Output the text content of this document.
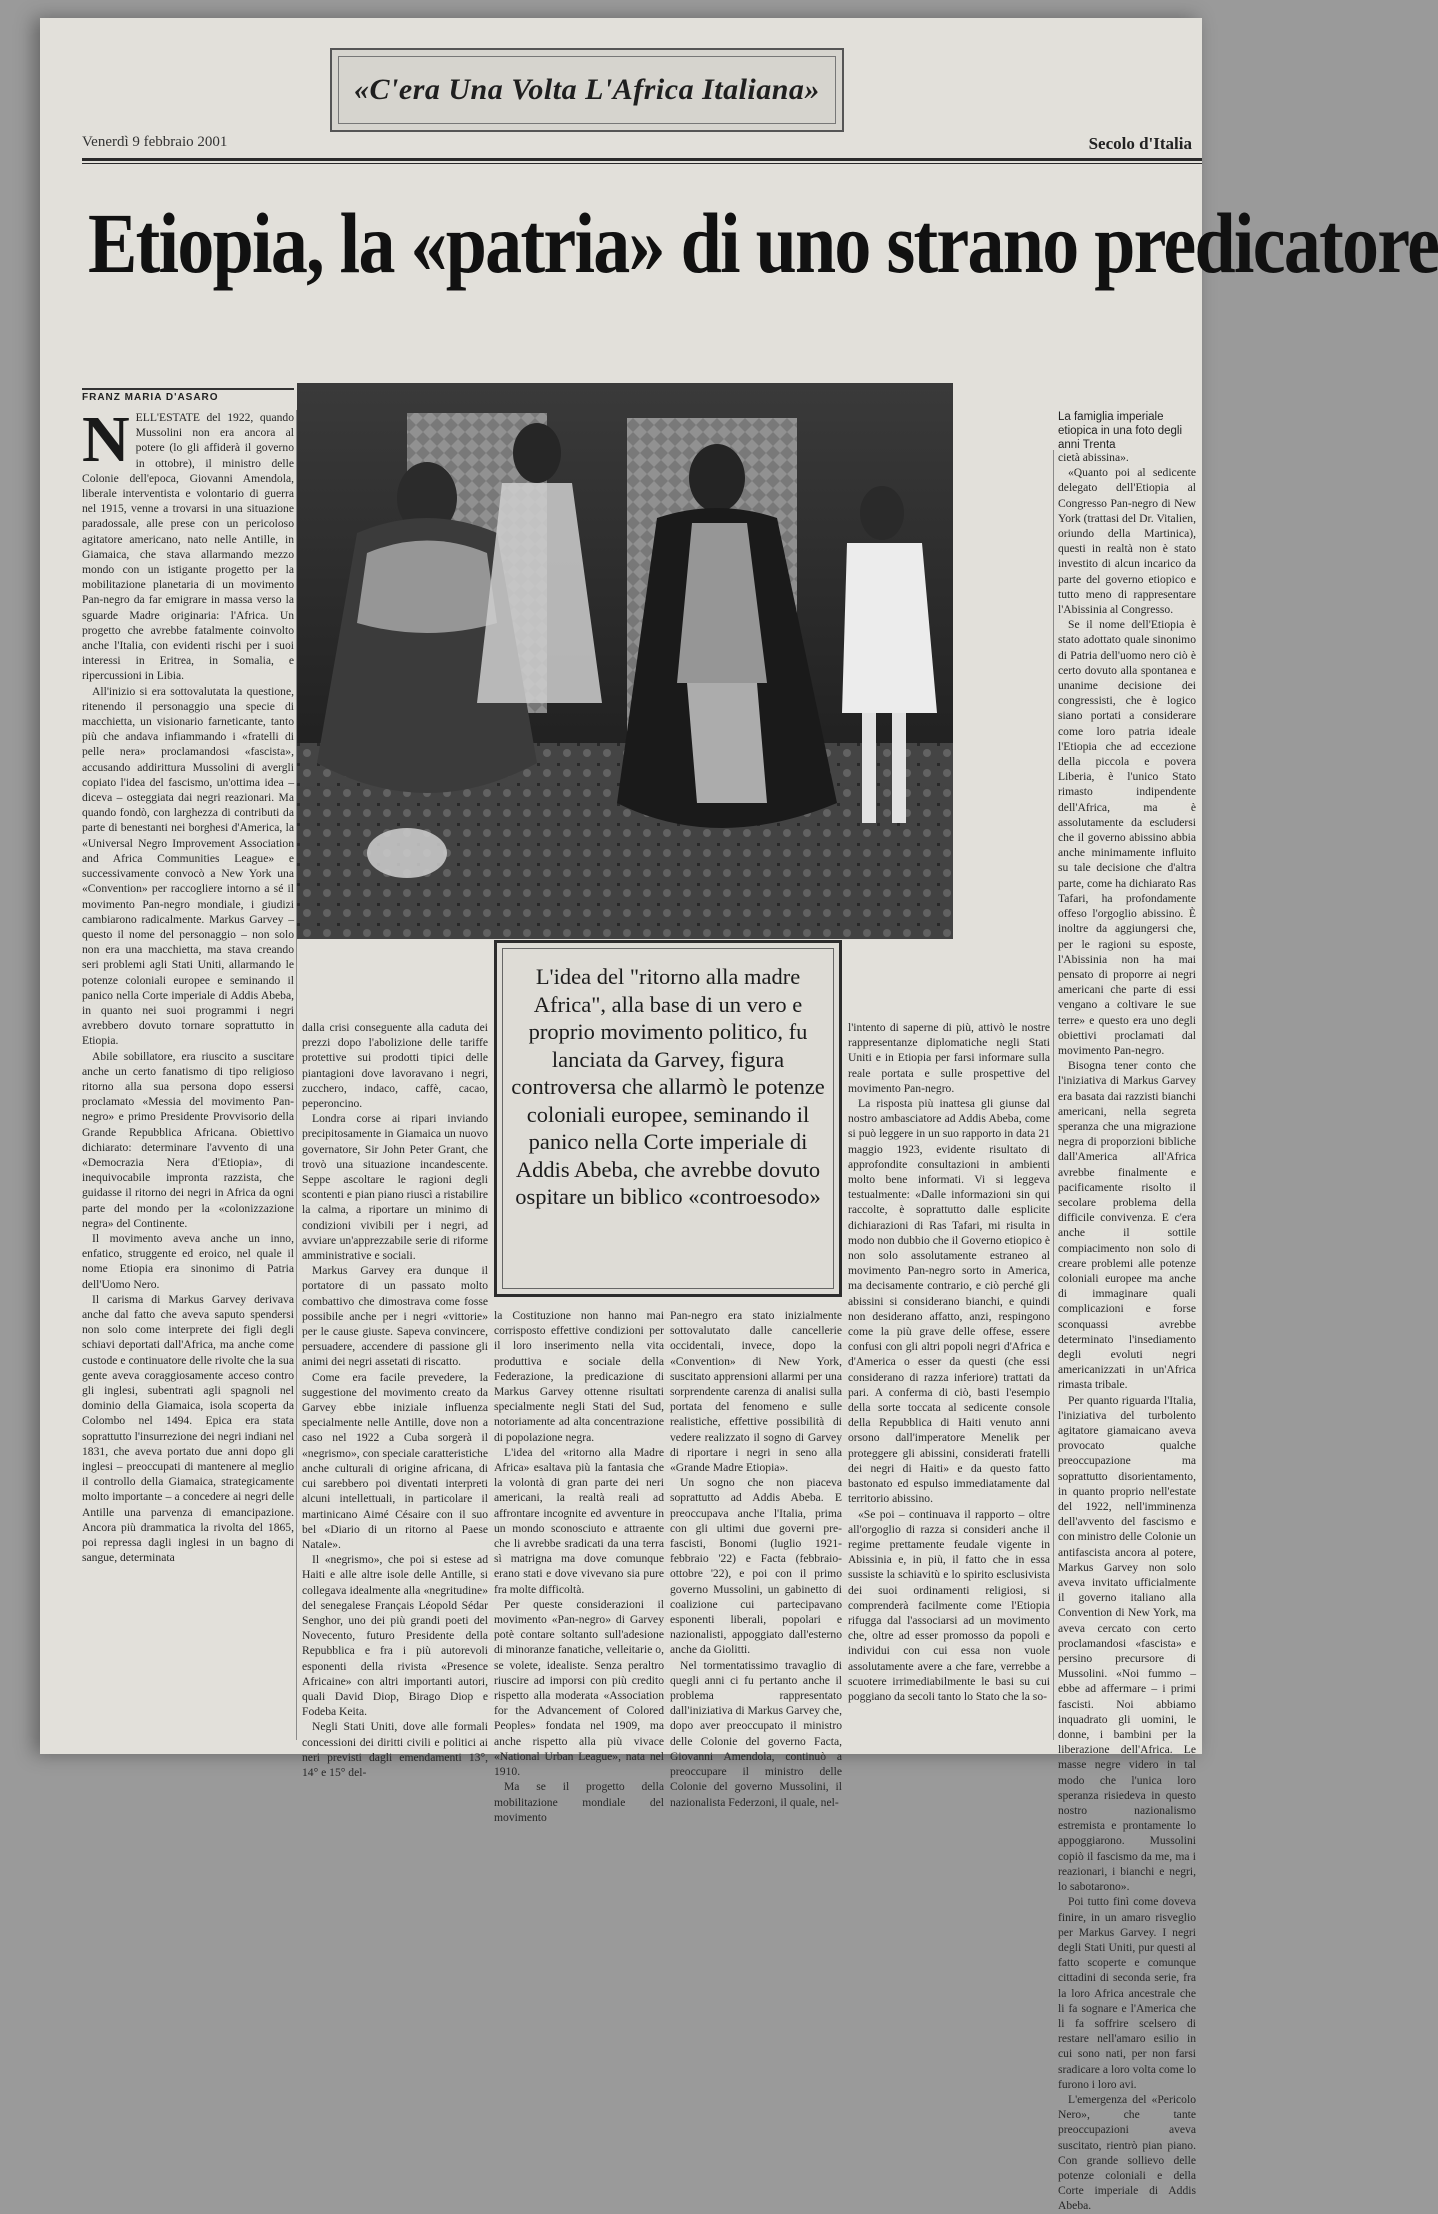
«C'era Una Volta L'Africa Italiana»
Venerdì 9 febbraio 2001	Secolo d'Italia
Etiopia, la «patria» di uno strano predicatore
FRANZ MARIA D'ASARO

NELL'ESTATE del 1922, quando Mussolini non era ancora al potere (lo gli affiderà il governo in ottobre), il ministro delle Colonie dell'epoca, Giovanni Amendola, liberale interventista e volontario di guerra nel 1915, venne a trovarsi in una situazione paradossale, alle prese con un pericoloso agitatore americano, nato nelle Antille, in Giamaica, che stava allarmando mezzo mondo con un istigante progetto per la mobilitazione planetaria di un movimento Pan-negro da far emigrare in massa verso la sguarde Madre originaria: l'Africa. Un progetto che avrebbe fatalmente coinvolto anche l'Italia, con evidenti rischi per i suoi interessi in Eritrea, in Somalia, e ripercussioni in Libia.

All'inizio si era sottovalutata la questione, ritenendo il personaggio una specie di macchietta, un visionario farneticante, tanto più che andava infiammando i «fratelli di pelle nera» proclamandosi «fascista», accusando addirittura Mussolini di avergli copiato l'idea del fascismo, un'ottima idea – diceva – osteggiata dai negri reazionari. Ma quando fondò, con larghezza di contributi da parte di benestanti nei borghesi d'America, la «Universal Negro Improvement Association and Africa Communities League» e successivamente convocò a New York una «Convention» per raccogliere intorno a sé il movimento Pan-negro mondiale, i giudizi cambiarono radicalmente. Markus Garvey – questo il nome del personaggio – non solo non era una macchietta, ma stava creando seri problemi agli Stati Uniti, allarmando le potenze coloniali europee e seminando il panico nella Corte imperiale di Addis Abeba, in quanto nei suoi programmi i negri avrebbero dovuto tornare soprattutto in Etiopia.

Abile sobillatore, era riuscito a suscitare anche un certo fanatismo di tipo religioso ritorno alla sua persona dopo essersi proclamato «Messia del movimento Pan-negro» e primo Presidente Provvisorio della Grande Repubblica Africana. Obiettivo dichiarato: determinare l'avvento di una «Democrazia Nera d'Etiopia», di inequivocabile impronta razzista, che guidasse il ritorno dei negri in Africa da ogni parte del mondo per la «colonizzazione negra» del Continente.

Il movimento aveva anche un inno, enfatico, struggente ed eroico, nel quale il nome Etiopia era sinonimo di Patria dell'Uomo Nero.

Il carisma di Markus Garvey derivava anche dal fatto che aveva saputo spendersi non solo come interprete dei figli degli schiavi deportati dall'Africa, ma anche come custode e continuatore delle rivolte che la sua gente aveva coraggiosamente acceso contro gli inglesi, subentrati agli spagnoli nel dominio della Giamaica, isola scoperta da Colombo nel 1494. Epica era stata soprattutto l'insurrezione dei negri indiani nel 1831, che aveva portato due anni dopo gli inglesi – preoccupati di mantenere al meglio il controllo della Giamaica, strategicamente molto importante – a concedere ai negri delle Antille una parvenza di emancipazione. Ancora più drammatica la rivolta del 1865, poi repressa dagli inglesi in un bagno di sangue, determinata

La famiglia imperiale etiopica in una foto degli anni Trenta

cietà abissina».

«Quanto poi al sedicente delegato dell'Etiopia al Congresso Pan-negro di New York (trattasi del Dr. Vitalien, oriundo della Martinica), questi in realtà non è stato investito di alcun incarico da parte del governo etiopico e tutto meno di rappresentare l'Abissinia al Congresso.

Se il nome dell'Etiopia è stato adottato quale sinonimo di Patria dell'uomo nero ciò è certo dovuto alla spontanea e unanime decisione dei congressisti, che è logico siano portati a considerare come loro patria ideale l'Etiopia che ad eccezione della piccola e povera Liberia, è l'unico Stato rimasto indipendente dell'Africa, ma è assolutamente da escludersi che il governo abissino abbia anche minimamente influito su tale decisione che d'altra parte, come ha dichiarato Ras Tafari, ha profondamente offeso l'orgoglio abissino. È inoltre da aggiungersi che, per le ragioni su esposte, l'Abissinia non ha mai pensato di proporre ai negri americani che parte di essi vengano a coltivare le sue terre» e questo era uno degli obiettivi proclamati dal movimento Pan-negro.

Bisogna tener conto che l'iniziativa di Markus Garvey era basata dai razzisti bianchi americani, nella segreta speranza che una migrazione negra di proporzioni bibliche dall'America all'Africa avrebbe finalmente e pacificamente risolto il secolare problema della difficile convivenza. E c'era anche il sottile compiacimento non solo di creare problemi alle potenze coloniali europee ma anche di immaginare quali complicazioni e forse sconquassi avrebbe determinato l'insediamento degli evoluti negri americanizzati in un'Africa rimasta tribale.

Per quanto riguarda l'Italia, l'iniziativa del turbolento agitatore giamaicano aveva provocato qualche preoccupazione ma soprattutto disorientamento, in quanto proprio nell'estate del 1922, nell'imminenza dell'avvento del fascismo e con ministro delle Colonie un antifascista ancora al potere, Markus Garvey non solo aveva invitato ufficialmente il governo italiano alla Convention di New York, ma aveva cercato con certo proclamandosi «fascista» e persino precursore di Mussolini. «Noi fummo – ebbe ad affermare – i primi fascisti. Noi abbiamo inquadrato gli uomini, le donne, i bambini per la liberazione dell'Africa. Le masse negre videro in tal modo che l'unica loro speranza risiedeva in questo nostro nazionalismo estremista e prontamente lo appoggiarono. Mussolini copiò il fascismo da me, ma i reazionari, i bianchi e negri, lo sabotarono».

Poi tutto finì come doveva finire, in un amaro risveglio per Markus Garvey. I negri degli Stati Uniti, pur questi al fatto scoperte e comunque cittadini di seconda serie, fra la loro Africa ancestrale che li fa sognare e l'America che li fa soffrire scelsero di restare nell'amaro esilio in cui sono nati, per non farsi sradicare a loro volta come lo furono i loro avi.

L'emergenza del «Pericolo Nero», che tante preoccupazioni aveva suscitato, rientrò pian piano. Con grande sollievo delle potenze coloniali e della Corte imperiale di Addis Abeba.

L'idea del "ritorno alla madre Africa", alla base di un vero e proprio movimento politico, fu lanciata da Garvey, figura controversa che allarmò le potenze coloniali europee, seminando il panico nella Corte imperiale di Addis Abeba, che avrebbe dovuto ospitare un biblico «controesodo»

dalla crisi conseguente alla caduta dei prezzi dopo l'abolizione delle tariffe protettive sui prodotti tipici delle piantagioni dove lavoravano i negri, zucchero, indaco, caffè, cacao, peperoncino.

Londra corse ai ripari inviando precipitosamente in Giamaica un nuovo governatore, Sir John Peter Grant, che trovò una situazione incandescente. Seppe ascoltare le ragioni degli scontenti e pian piano riuscì a ristabilire la calma, a riportare un minimo di condizioni vivibili per i negri, ad avviare un'apprezzabile serie di riforme amministrative e sociali.

Markus Garvey era dunque il portatore di un passato molto combattivo che dimostrava come fosse possibile anche per i negri «vittorie» per le cause giuste. Sapeva convincere, persuadere, accendere di passione gli animi dei negri assetati di riscatto.

Come era facile prevedere, la suggestione del movimento creato da Garvey ebbe iniziale influenza specialmente nelle Antille, dove non a caso nel 1922 a Cuba sorgerà il «negrismo», con speciale caratteristiche anche culturali di origine africana, di cui sarebbero poi diventati interpreti alcuni intellettuali, in particolare il martinicano Aimé Césaire con il suo bel «Diario di un ritorno al Paese Natale».

Il «negrismo», che poi si estese ad Haiti e alle altre isole delle Antille, si collegava idealmente alla «negritudine» del senegalese Français Léopold Sédar Senghor, uno dei più grandi poeti del Novecento, futuro Presidente della Repubblica e fra i più autorevoli esponenti della rivista «Presence Africaine» con altri importanti autori, quali David Diop, Birago Diop e Fodeba Keita.

Negli Stati Uniti, dove alle formali concessioni dei diritti civili e politici ai neri previsti dagli emendamenti 13°, 14° e 15° del-

la Costituzione non hanno mai corrisposto effettive condizioni per il loro inserimento nella vita produttiva e sociale della Federazione, la predicazione di Markus Garvey ottenne risultati specialmente negli Stati del Sud, notoriamente ad alta concentrazione di popolazione negra.

L'idea del «ritorno alla Madre Africa» esaltava più la fantasia che la volontà di gran parte dei neri americani, la realtà reali ad affrontare incognite ed avventure in un mondo sconosciuto e attraente che li avrebbe sradicati da una terra sì matrigna ma dove comunque erano stati e dove vivevano sia pure fra molte difficoltà.

Per queste considerazioni il movimento «Pan-negro» di Garvey potè contare soltanto sull'adesione di minoranze fanatiche, velleitarie o, se volete, idealiste. Senza peraltro riuscire ad imporsi con più credito rispetto alla moderata «Association for the Advancement of Colored Peoples» fondata nel 1909, ma anche rispetto alla più vivace «National Urban League», nata nel 1910.

Ma se il progetto della mobilitazione mondiale del movimento

Pan-negro era stato inizialmente sottovalutato dalle cancellerie occidentali, invece, dopo la «Convention» di New York, suscitato apprensioni allarmi per una sorprendente carenza di analisi sulla portata del fenomeno e sulle realistiche, effettive possibilità di vedere realizzato il sogno di Garvey di riportare i negri in seno alla «Grande Madre Etiopia».

Un sogno che non piaceva soprattutto ad Addis Abeba. E preoccupava anche l'Italia, prima con gli ultimi due governi pre-fascisti, Bonomi (luglio 1921-febbraio '22) e Facta (febbraio-ottobre '22), e poi con il primo governo Mussolini, un gabinetto di coalizione cui partecipavano esponenti liberali, popolari e nazionalisti, appoggiato dall'esterno anche da Giolitti.

Nel tormentatissimo travaglio di quegli anni ci fu pertanto anche il problema rappresentato dall'iniziativa di Markus Garvey che, dopo aver preoccupato il ministro delle Colonie del governo Facta, Giovanni Amendola, continuò a preoccupare il ministro delle Colonie del governo Mussolini, il nazionalista Federzoni, il quale, nel-

l'intento di saperne di più, attivò le nostre rappresentanze diplomatiche negli Stati Uniti e in Etiopia per farsi informare sulla reale portata e sulle prospettive del movimento Pan-negro.

La risposta più inattesa gli giunse dal nostro ambasciatore ad Addis Abeba, come si può leggere in un suo rapporto in data 21 maggio 1923, evidente risultato di approfondite consultazioni in ambienti molto bene informati. Vi si leggeva testualmente: «Dalle informazioni sin qui raccolte, è soprattutto dalle esplicite dichiarazioni di Ras Tafari, mi risulta in modo non dubbio che il Governo etiopico è non solo assolutamente estraneo al movimento Pan-negro sorto in America, ma decisamente contrario, e ciò perché gli abissini si considerano bianchi, e quindi non desiderano affatto, anzi, respingono come la più grave delle offese, essere confusi con gli altri popoli negri d'Africa e d'America o esser da questi (che essi considerano di razza inferiore) trattati da pari. A conferma di ciò, basti l'esempio della sorte toccata al sedicente console della Repubblica di Haiti venuto anni orsono dall'imperatore Menelik per proteggere gli abissini, considerati fratelli dei negri di Haiti» e da questo fatto bastonato ed espulso immediatamente dal territorio abissino.

«Se poi – continuava il rapporto – oltre all'orgoglio di razza si consideri anche il regime prettamente feudale vigente in Abissinia e, in più, il fatto che in essa sussiste la schiavitù e lo spirito esclusivista dei suoi ordinamenti religiosi, si comprenderà facilmente come l'Etiopia rifugga dal l'associarsi ad un movimento che, oltre ad esser promosso da popoli e individui con cui essa non vuole assolutamente avere a che fare, verrebbe a scuotere irrimediabilmente le basi su cui poggiano da secoli tanto lo Stato che la so-
